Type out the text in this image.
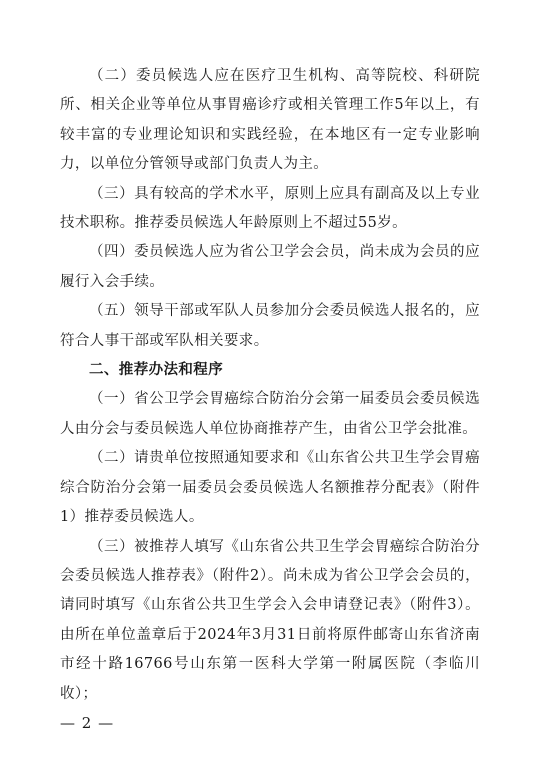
（二）委员候选人应在医疗卫生机构、高等院校、科研院所、相关企业等单位从事胃癌诊疗或相关管理工作5年以上，有较丰富的专业理论知识和实践经验，在本地区有一定专业影响力，以单位分管领导或部门负责人为主。

（三）具有较高的学术水平，原则上应具有副高及以上专业技术职称。推荐委员候选人年龄原则上不超过55岁。

（四）委员候选人应为省公卫学会会员，尚未成为会员的应履行入会手续。

（五）领导干部或军队人员参加分会委员候选人报名的，应符合人事干部或军队相关要求。

二、推荐办法和程序

（一）省公卫学会胃癌综合防治分会第一届委员会委员候选人由分会与委员候选人单位协商推荐产生，由省公卫学会批准。

（二）请贵单位按照通知要求和《山东省公共卫生学会胃癌综合防治分会第一届委员会委员候选人名额推荐分配表》（附件1）推荐委员候选人。

（三）被推荐人填写《山东省公共卫生学会胃癌综合防治分会委员候选人推荐表》（附件2）。尚未成为省公卫学会会员的，请同时填写《山东省公共卫生学会入会申请登记表》（附件3）。由所在单位盖章后于2024年3月31日前将原件邮寄山东省济南市经十路16766号山东第一医科大学第一附属医院（李临川收）；

— 2 —
